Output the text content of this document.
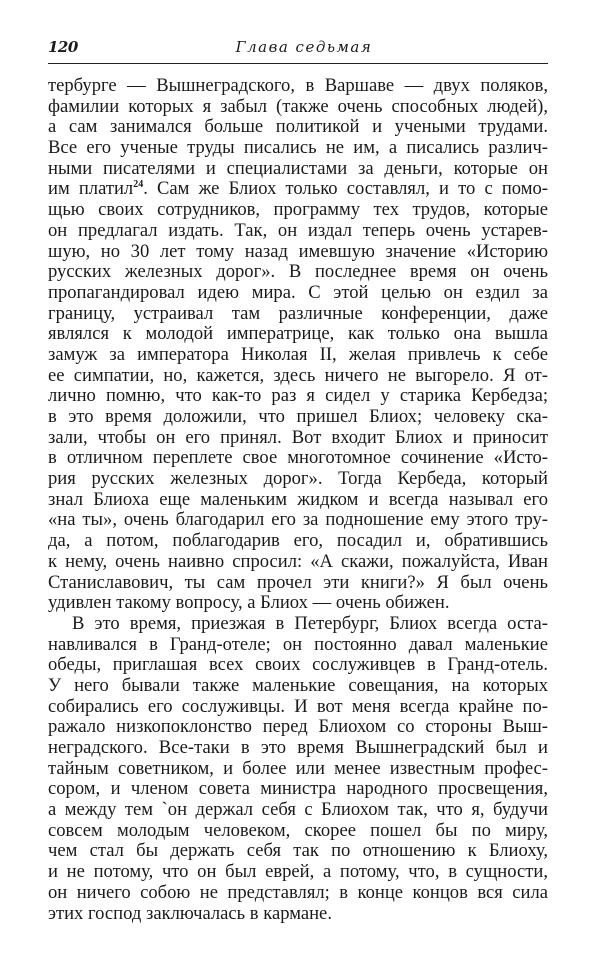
120	Глава седьмая
тербурге — Вышнеградского, в Варшаве — двух поляков,
фамилии которых я забыл (также очень способных людей),
а сам занимался больше политикой и учеными трудами.
Все его ученые труды писались не им, а писались различ-
ными писателями и специалистами за деньги, которые он
им платил$^{24}$. Сам же Блиох только составлял, и то с помо-
щью своих сотрудников, программу тех трудов, которые
он предлагал издать. Так, он издал теперь очень устарев-
шую, но 30 лет тому назад имевшую значение «Историю
русских железных дорог». В последнее время он очень
пропагандировал идею мира. С этой целью он ездил за
границу, устраивал там различные конференции, даже
являлся к молодой императрице, как только она вышла
замуж за императора Николая II, желая привлечь к себе
ее симпатии, но, кажется, здесь ничего не выгорело. Я от-
лично помню, что как-то раз я сидел у старика Кербедза;
в это время доложили, что пришел Блиох; человеку ска-
зали, чтобы он его принял. Вот входит Блиох и приносит
в отличном переплете свое многотомное сочинение «Исто-
рия русских железных дорог». Тогда Кербеда, который
знал Блиоха еще маленьким жидком и всегда называл его
«на ты», очень благодарил его за подношение ему этого тру-
да, а потом, поблагодарив его, посадил и, обратившись
к нему, очень наивно спросил: «А скажи, пожалуйста, Иван
Станиславович, ты сам прочел эти книги?» Я был очень
удивлен такому вопросу, а Блиох — очень обижен.
В это время, приезжая в Петербург, Блиох всегда оста-
навливался в Гранд-отеле; он постоянно давал маленькие
обеды, приглашая всех своих сослуживцев в Гранд-отель.
У него бывали также маленькие совещания, на которых
собирались его сослуживцы. И вот меня всегда крайне по-
ражало низкопоклонство перед Блиохом со стороны Выш-
неградского. Все-таки в это время Вышнеградский был и
тайным советником, и более или менее известным профес-
сором, и членом совета министра народного просвещения,
а между тем `он держал себя с Блиохом так, что я, будучи
совсем молодым человеком, скорее пошел бы по миру,
чем стал бы держать себя так по отношению к Блиоху,
и не потому, что он был еврей, а потому, что, в сущности,
он ничего собою не представлял; в конце концов вся сила
этих господ заключалась в кармане.
